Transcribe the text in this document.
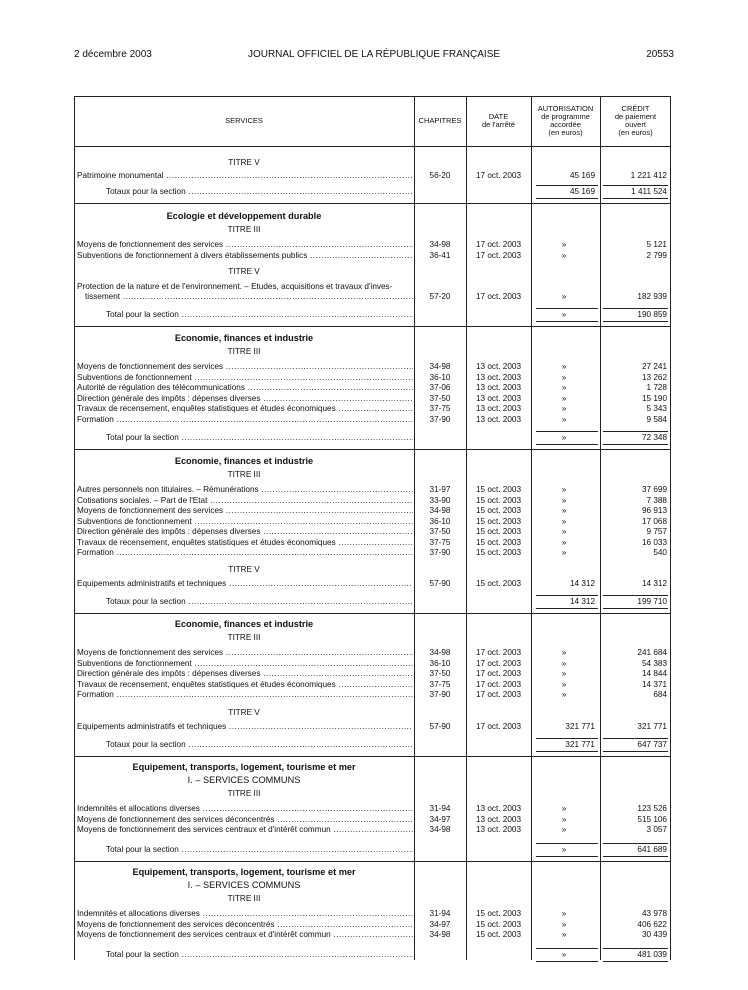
2 décembre 2003	JOURNAL OFFICIEL DE LA RÉPUBLIQUE FRANÇAISE	20553
SERVICES	CHAPITRES	DATE
de l'arrêté
AUTORISATION
de programme
accordée
(en euros)
CRÉDIT
de paiement
ouvert
(en euros)
TITRE V
Patrimoine monumental .....	56-20	17 oct. 2003	45 169	1 221 412
Totaux pour la section .....	45 169	1 411 524
Ecologie et développement durable
TITRE III
Moyens de fonctionnement des services .....	34-98	17 oct. 2003	»	5 121
Subventions de fonctionnement à divers établissements publics .....	36-41	17 oct. 2003	»	2 799
TITRE V
Protection de la nature et de l'environnement. – Etudes, acquisitions et travaux d'inves-
tissement .....	57-20	17 oct. 2003	»	182 939
Total pour la section .....	»	190 859
Economie, finances et industrie
TITRE III
Moyens de fonctionnement des services .....	34-98	13 oct. 2003	»	27 241
Subventions de fonctionnement .....	36-10	13 oct. 2003	»	13 262
Autorité de régulation des télécommunications .....	37-06	13 oct. 2003	»	1 728
Direction générale des impôts : dépenses diverses .....	37-50	13 oct. 2003	»	15 190
Travaux de recensement, enquêtes statistiques et études économiques .....	37-75	13 oct. 2003	»	5 343
Formation .....	37-90	13 oct. 2003	»	9 584
Total pour la section .....	»	72 348
Economie, finances et industrie
TITRE III
Autres personnels non titulaires. – Rémunérations .....	31-97	15 oct. 2003	»	37 699
Cotisations sociales. – Part de l'Etat .....	33-90	15 oct. 2003	»	7 388
Moyens de fonctionnement des services .....	34-98	15 oct. 2003	»	96 913
Subventions de fonctionnement .....	36-10	15 oct. 2003	»	17 068
Direction générale des impôts : dépenses diverses .....	37-50	15 oct. 2003	»	9 757
Travaux de recensement, enquêtes statistiques et études économiques .....	37-75	15 oct. 2003	»	16 033
Formation .....	37-90	15 oct. 2003	»	540
TITRE V
Equipements administratifs et techniques .....	57-90	15 oct. 2003	14 312	14 312
Totaux pour la section .....	14 312	199 710
Economie, finances et industrie
TITRE III
Moyens de fonctionnement des services .....	34-98	17 oct. 2003	»	241 684
Subventions de fonctionnement .....	36-10	17 oct. 2003	»	54 383
Direction générale des impôts : dépenses diverses .....	37-50	17 oct. 2003	»	14 844
Travaux de recensement, enquêtes statistiques et études économiques .....	37-75	17 oct. 2003	»	14 371
Formation .....	37-90	17 oct. 2003	»	684
TITRE V
Equipements administratifs et techniques .....	57-90	17 oct. 2003	321 771	321 771
Totaux pour la section .....	321 771	647 737
Equipement, transports, logement, tourisme et mer
I. – SERVICES COMMUNS
TITRE III
Indemnités et allocations diverses .....	31-94	13 oct. 2003	»	123 526
Moyens de fonctionnement des services déconcentrés .....	34-97	13 oct. 2003	»	515 106
Moyens de fonctionnement des services centraux et d'intérêt commun .....	34-98	13 oct. 2003	»	3 057
Total pour la section .....	»	641 689
Equipement, transports, logement, tourisme et mer
I. – SERVICES COMMUNS
TITRE III
Indemnités et allocations diverses .....	31-94	15 oct. 2003	»	43 978
Moyens de fonctionnement des services déconcentrés .....	34-97	15 oct. 2003	»	406 622
Moyens de fonctionnement des services centraux et d'intérêt commun .....	34-98	15 oct. 2003	»	30 439
Total pour la section .....	»	481 039
